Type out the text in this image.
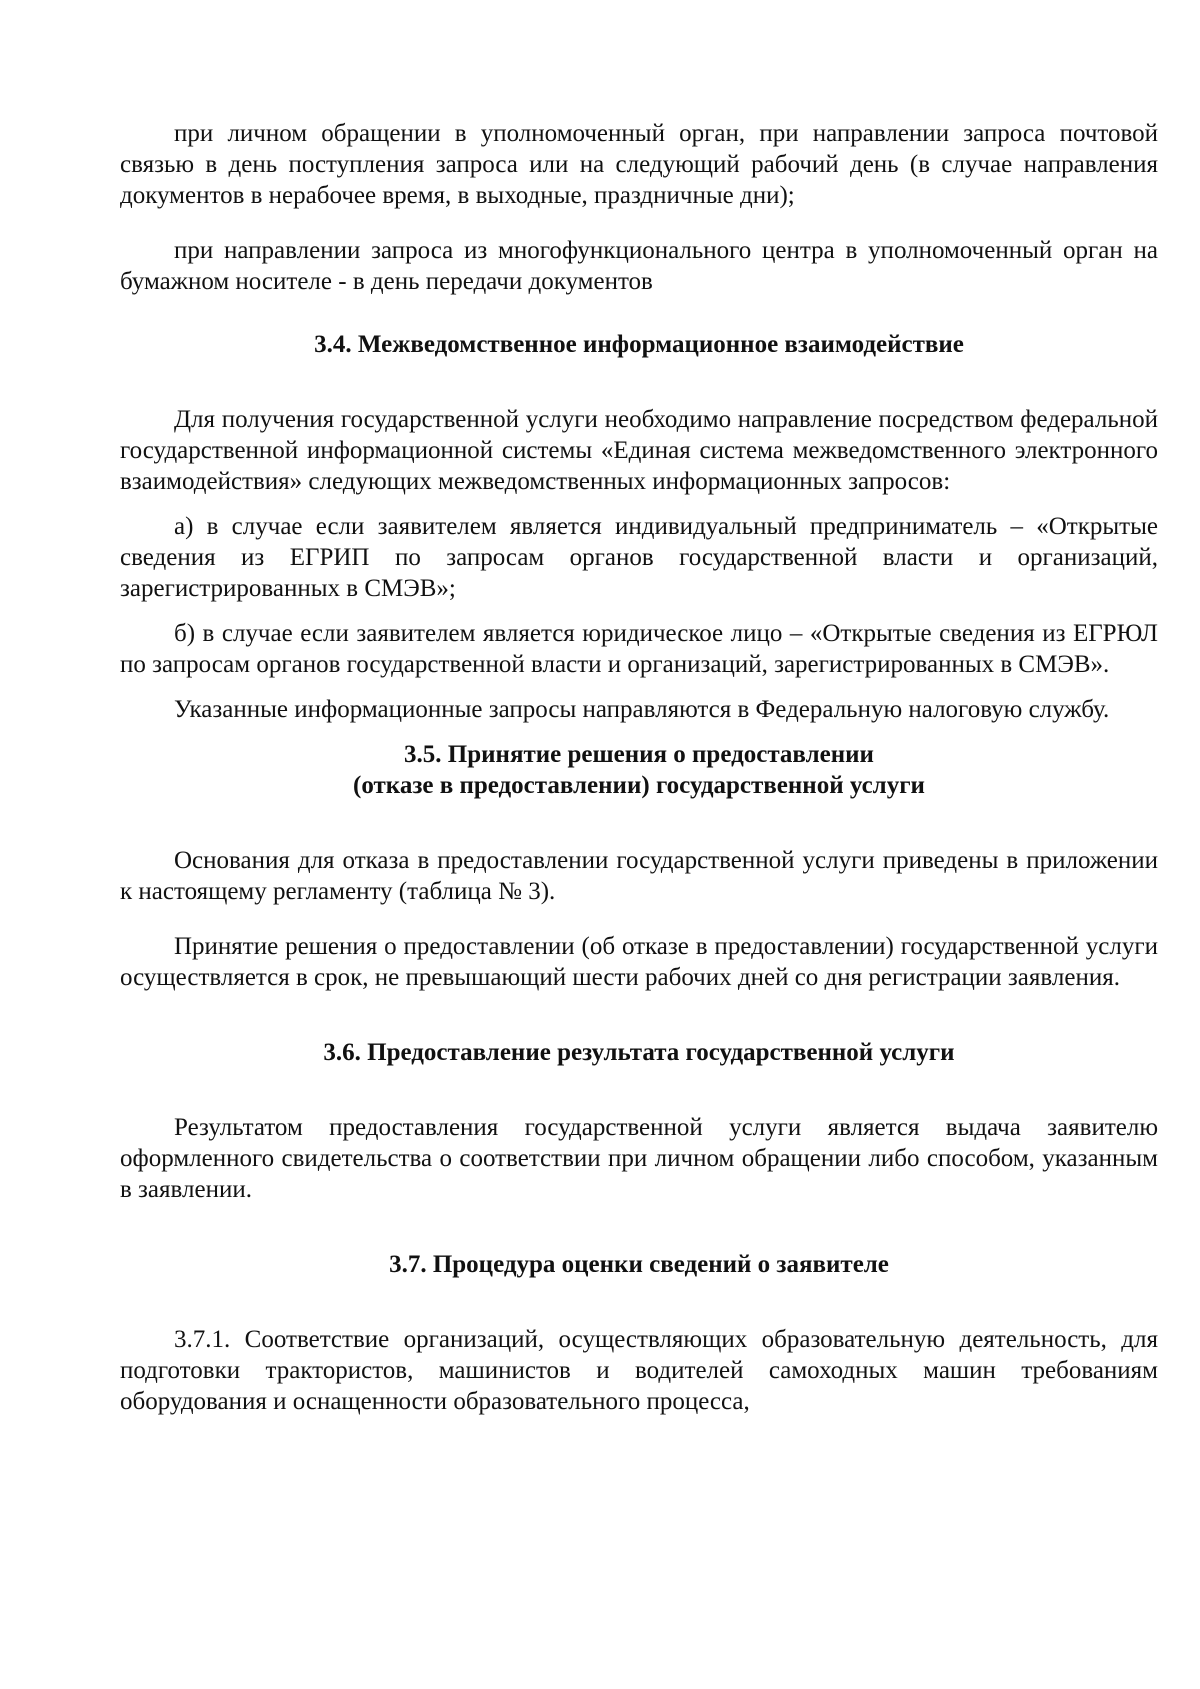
при личном обращении в уполномоченный орган, при направлении запроса почтовой связью в день поступления запроса или на следующий рабочий день (в случае направления документов в нерабочее время, в выходные, праздничные дни);

при направлении запроса из многофункционального центра в уполномоченный орган на бумажном носителе - в день передачи документов

3.4. Межведомственное информационное взаимодействие

Для получения государственной услуги необходимо направление посредством федеральной государственной информационной системы «Единая система межведомственного электронного взаимодействия» следующих межведомственных информационных запросов:

а) в случае если заявителем является индивидуальный предприниматель – «Открытые сведения из ЕГРИП по запросам органов государственной власти и организаций, зарегистрированных в СМЭВ»;

б) в случае если заявителем является юридическое лицо – «Открытые сведения из ЕГРЮЛ по запросам органов государственной власти и организаций, зарегистрированных в СМЭВ».

Указанные информационные запросы направляются в Федеральную налоговую службу.

3.5. Принятие решения о предоставлении
(отказе в предоставлении) государственной услуги

Основания для отказа в предоставлении государственной услуги приведены в приложении к настоящему регламенту (таблица № 3).

Принятие решения о предоставлении (об отказе в предоставлении) государственной услуги осуществляется в срок, не превышающий шести рабочих дней со дня регистрации заявления.

3.6. Предоставление результата государственной услуги

Результатом предоставления государственной услуги является выдача заявителю оформленного свидетельства о соответствии при личном обращении либо способом, указанным в заявлении.

3.7. Процедура оценки сведений о заявителе

3.7.1. Соответствие организаций, осуществляющих образовательную деятельность, для подготовки трактористов, машинистов и водителей самоходных машин требованиям оборудования и оснащенности образовательного процесса,
